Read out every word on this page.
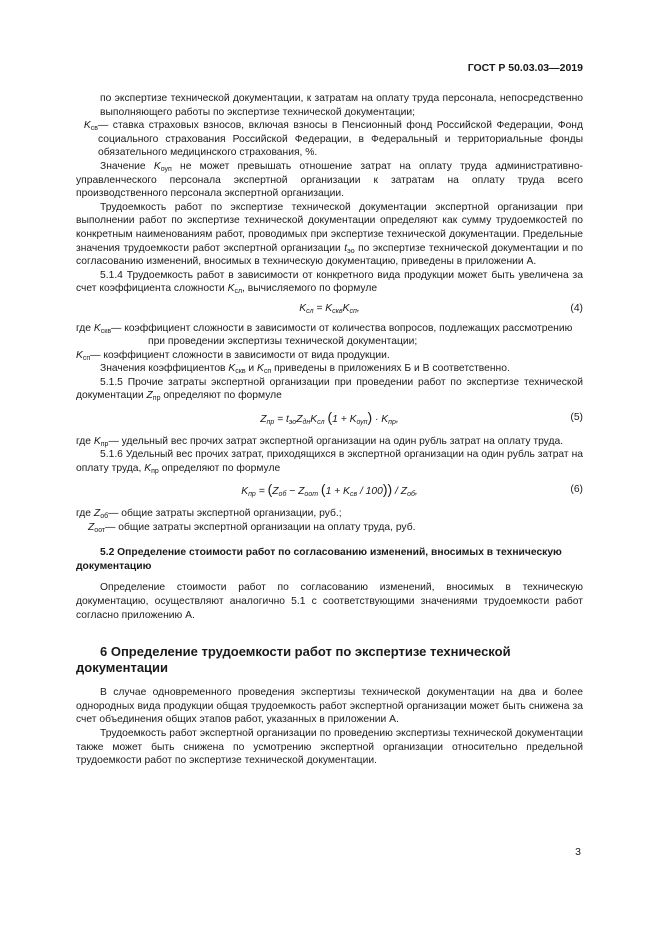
ГОСТ Р 50.03.03—2019

по экспертизе технической документации, к затратам на оплату труда персонала, непосредственно выполняющего работы по экспертизе технической документации;

$K_{св}$ — ставка страховых взносов, включая взносы в Пенсионный фонд Российской Федерации, Фонд социального страхования Российской Федерации, в Федеральный и территориальные фонды обязательного медицинского страхования, %.

Значение $K_{оуп}$ не может превышать отношение затрат на оплату труда административно-управленческого персонала экспертной организации к затратам на оплату труда всего производственного персонала экспертной организации.

Трудоемкость работ по экспертизе технической документации экспертной организации при выполнении работ по экспертизе технической документации определяют как сумму трудоемкостей по конкретным наименованиям работ, проводимых при экспертизе технической документации. Предельные значения трудоемкости работ экспертной организации $t_{эо}$ по экспертизе технической документации и по согласованию изменений, вносимых в техническую документацию, приведены в приложении А.

5.1.4 Трудоемкость работ в зависимости от конкретного вида продукции может быть увеличена за счет коэффициента сложности $K_{сл}$, вычисляемого по формуле

$K_{сл} = K_{скв}K_{сп}$,	(4)
где $K_{скв}$ — коэффициент сложности в зависимости от количества вопросов, подлежащих рассмотрению

при проведении экспертизы технической документации;

$K_{сп}$ — коэффициент сложности в зависимости от вида продукции.

Значения коэффициентов $K_{скв}$ и $K_{сп}$ приведены в приложениях Б и В соответственно.

5.1.5 Прочие затраты экспертной организации при проведении работ по экспертизе технической документации $Z_{пр}$ определяют по формуле

$Z_{пр} = t_{эо}Z_{дн}K_{сл}$ $(1 + K_{оуп}) \cdot K_{пр}$,	(5)
где $K_{пр}$ — удельный вес прочих затрат экспертной организации на один рубль затрат на оплату труда.

5.1.6 Удельный вес прочих затрат, приходящихся в экспертной организации на один рубль затрат на оплату труда, $K_{пр}$ определяют по формуле

$K_{пр} = (Z_{об} - Z_{оот}$ $(1 + K_{св} / 100)) / Z_{об}$,	(6)
где $Z_{об}$ — общие затраты экспертной организации, руб.;
$Z_{оот}$ — общие затраты экспертной организации на оплату труда, руб.

5.2 Определение стоимости работ по согласованию изменений, вносимых в техническую документацию

Определение стоимости работ по согласованию изменений, вносимых в техническую документацию, осуществляют аналогично 5.1 с соответствующими значениями трудоемкости работ согласно приложению А.

6 Определение трудоемкости работ по экспертизе технической документации

В случае одновременного проведения экспертизы технической документации на два и более однородных вида продукции общая трудоемкость работ экспертной организации может быть снижена за счет объединения общих этапов работ, указанных в приложении А.

Трудоемкость работ экспертной организации по проведению экспертизы технической документации также может быть снижена по усмотрению экспертной организации относительно предельной трудоемкости работ по экспертизе технической документации.

3
